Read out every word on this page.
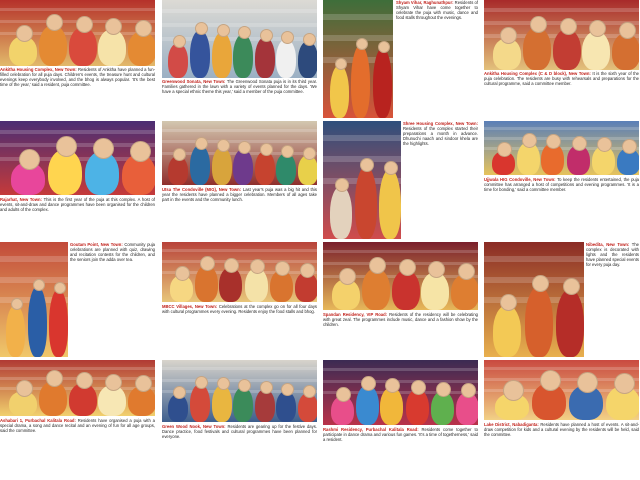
Ankitha Housing Complex, New Town: Residents of Ankitha have planned a fun-filled celebration for all puja days. Children's events, the treasure hunt and cultural evenings keep everybody involved, and the bhog is always popular. 'It's the best time of the year,' said a resident, puja committee.
Greenwood Sonata, New Town: The Greenwood Sonata puja is in its third year. Families gathered in the lawn with a variety of events planned for the days. 'We have a special ethnic theme this year,' said a member of the puja committee.
Shyam Vihar, Raghunathpur: Residents of Shyam Vihar have come together to celebrate the puja with music, dance and food stalls throughout the evenings.
Ankitha Housing Complex (C & D block), New Town: It is the sixth year of the puja celebration. The residents are busy with rehearsals and preparations for the cultural programme, said a committee member.
Rajarhat, New Town: This is the first year of the puja at this complex. A host of events, sit-and-draw and dance programmes have been organised for the children and adults of the complex.
Utsa The Condoville (MIG), New Town: Last year's puja was a big hit and this year the residents have planned a bigger celebration. Members of all ages take part in the events and the community lunch.
Shree Housing Complex, New Town: Residents of the complex started their preparations a month in advance. Dhunuchi naach and sindoor khela are the highlights.
Ujjwala HIG Condoville, New Town: To keep the residents entertained, the puja committee has arranged a host of competitions and evening programmes. 'It is a time for bonding,' said a committee member.
Goutam Point, New Town: Community puja celebrations are planned with quiz, drawing and recitation contests for the children, and the seniors join the adda over tea.
MBCC Villages, New Town: Celebrations at the complex go on for all four days with cultural programmes every evening. Residents enjoy the food stalls and bhog.
Spandan Residency, VIP Road: Residents of the residency will be celebrating with great zeal. The programmes include music, dance and a fashion show by the children.
Nibedita, New Town: The complex is decorated with lights and the residents have planned special events for every puja day.
Ashabari 1, Purbachal Kalitala Road: Residents have organised a puja with a special drama, a song and dance recital and an evening of fun for all age groups, said the committee.
Green Wood Nook, New Town: Residents are gearing up for the festive days. Dance practice, food festivals and cultural programmes have been planned for everyone.
Rashmi Residency, Purbachal Kalitala Road: Residents come together to participate in dance drama and various fun games. 'It's a time of togetherness,' said a resident.
Lake District, Nabadiganta: Residents have planned a host of events. A sit-and-draw competition for kids and a cultural evening by the residents will be held, said the committee.
